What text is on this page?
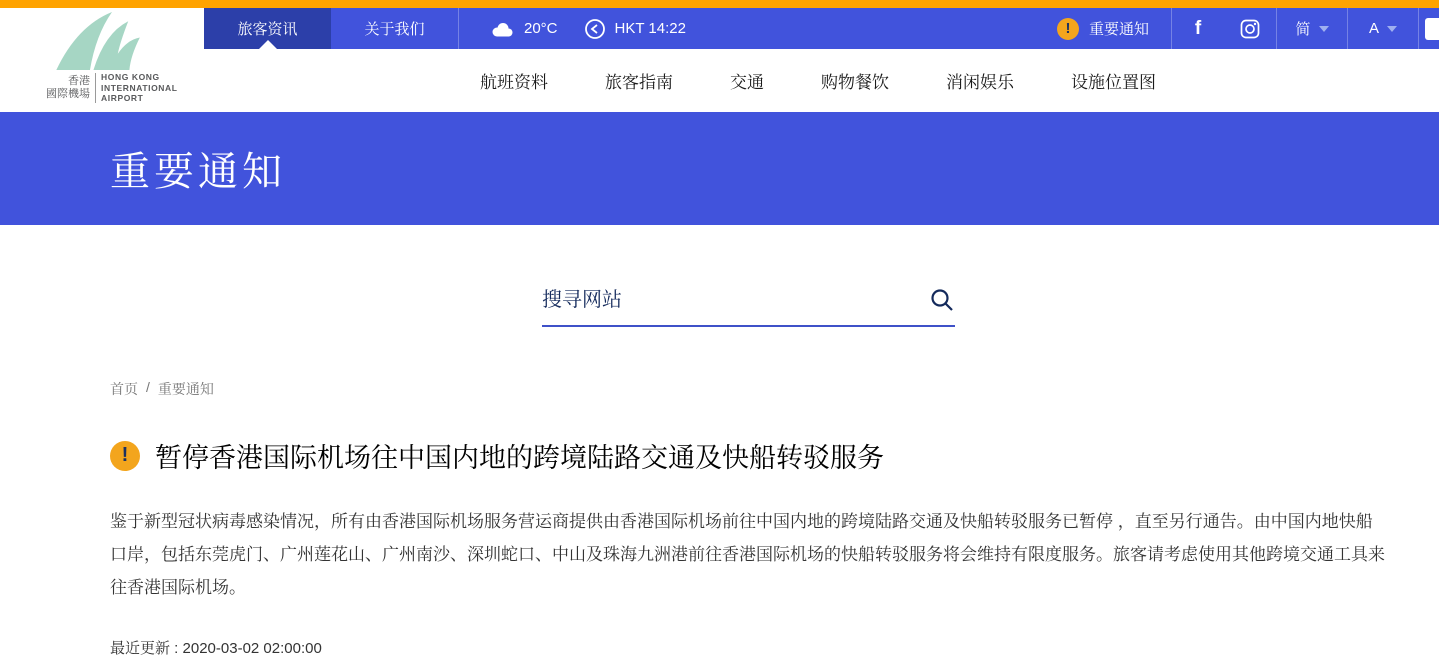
香港
國際機場
HONG KONG
INTERNATIONAL
AIRPORT
旅客资讯	关于我们	20°C	HKT 14:22	!	重要通知 f	简	A
航班资料	旅客指南	交通	购物餐饮	消闲娱乐	设施位置图
重要通知
搜寻网站
首页 / 重要通知
! 暂停香港国际机场往中国内地的跨境陆路交通及快船转驳服务

鉴于新型冠状病毒感染情况，所有由香港国际机场服务营运商提供由香港国际机场前往中国内地的跨境陆路交通及快船转驳服务已暂停 ，直至另行通告。由中国内地快船口岸，包括东莞虎门、广州莲花山、广州南沙、深圳蛇口、中山及珠海九洲港前往香港国际机场的快船转驳服务将会维持有限度服务。旅客请考虑使用其他跨境交通工具来往香港国际机场。

最近更新 : 2020-03-02 02:00:00
